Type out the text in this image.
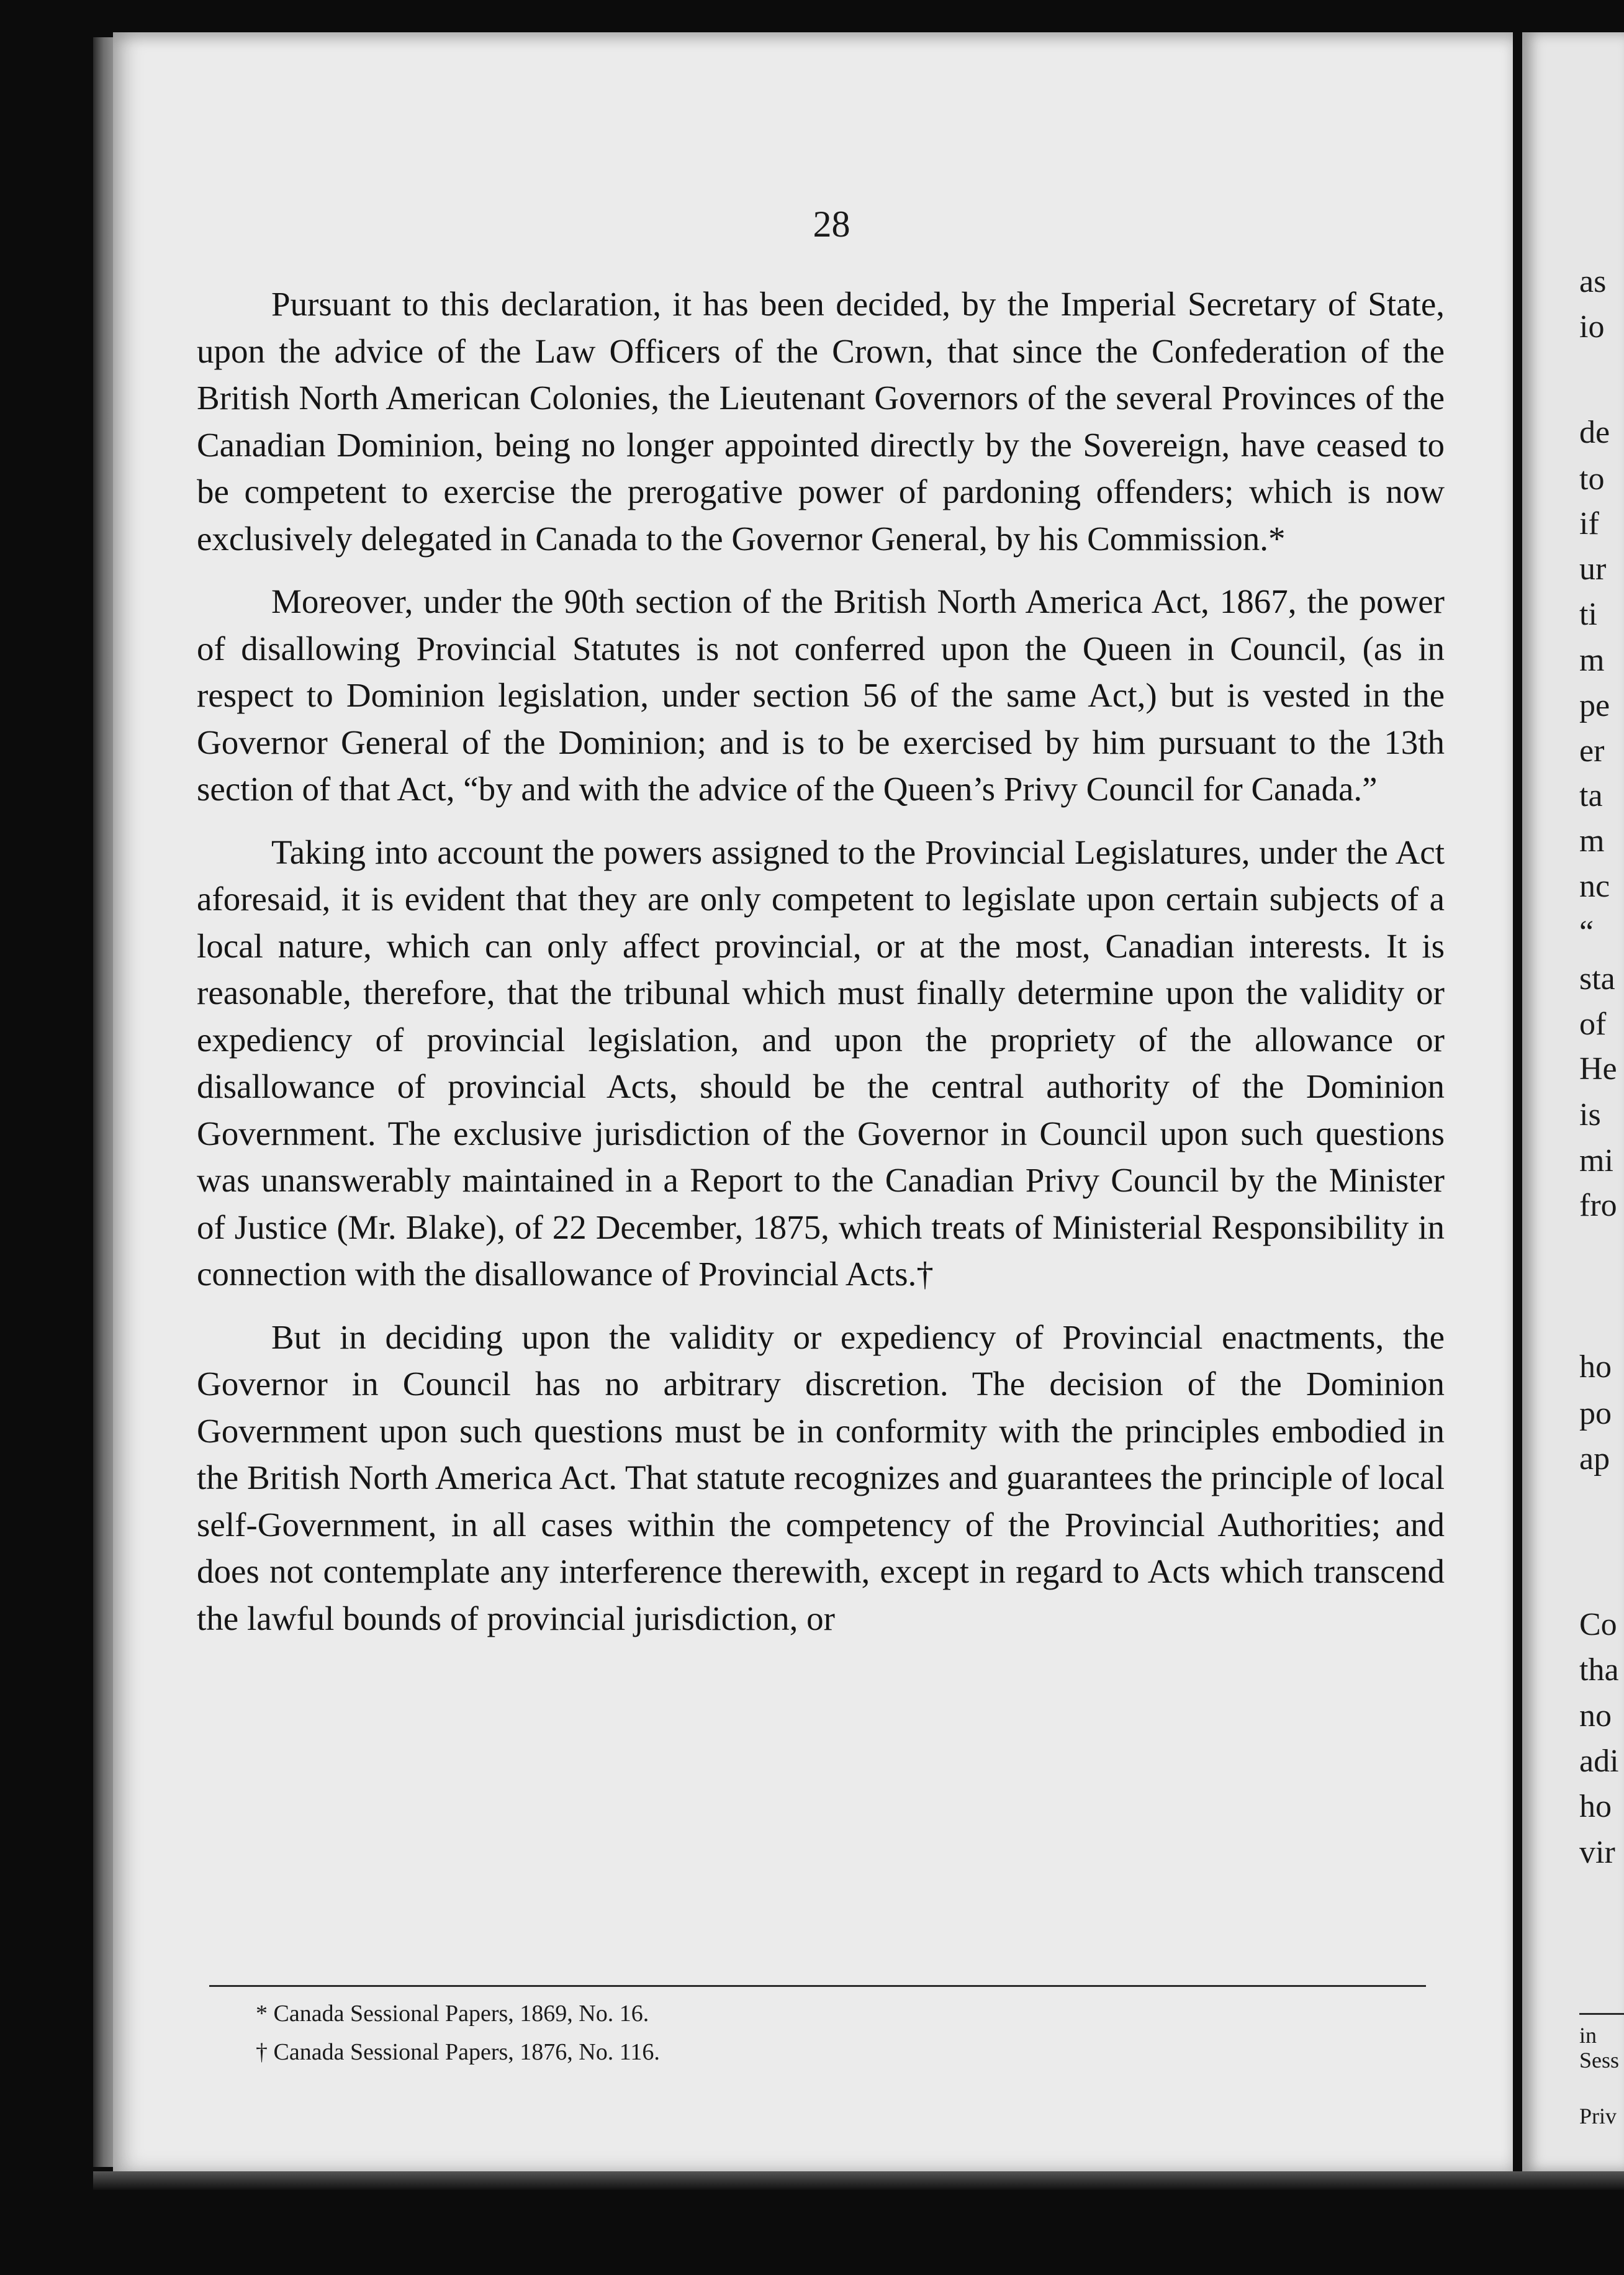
28

Pursuant to this declaration, it has been decided, by the Imperial Secretary of State, upon the advice of the Law Officers of the Crown, that since the Confederation of the British North American Colonies, the Lieutenant Governors of the several Provinces of the Canadian Dominion, being no longer appointed directly by the Sovereign, have ceased to be competent to exercise the prerogative power of pardoning offenders; which is now exclusively delegated in Canada to the Governor General, by his Commission.*

Moreover, under the 90th section of the British North America Act, 1867, the power of disallowing Provincial Statutes is not conferred upon the Queen in Council, (as in respect to Dominion legislation, under section 56 of the same Act,) but is vested in the Governor General of the Dominion; and is to be exercised by him pursuant to the 13th section of that Act, “by and with the advice of the Queen’s Privy Council for Canada.”

Taking into account the powers assigned to the Provincial Legislatures, under the Act aforesaid, it is evident that they are only competent to legislate upon certain subjects of a local nature, which can only affect provincial, or at the most, Canadian interests. It is reasonable, therefore, that the tribunal which must finally determine upon the validity or expediency of provincial legislation, and upon the propriety of the allowance or disallowance of provincial Acts, should be the central authority of the Dominion Government. The exclusive jurisdiction of the Governor in Council upon such questions was unanswerably maintained in a Report to the Canadian Privy Council by the Minister of Justice (Mr. Blake), of 22 December, 1875, which treats of Ministerial Responsibility in connection with the disallowance of Provincial Acts.†

But in deciding upon the validity or expediency of Provincial enactments, the Governor in Council has no arbitrary discretion. The decision of the Dominion Government upon such questions must be in conformity with the principles embodied in the British North America Act. That statute recognizes and guarantees the principle of local self-Government, in all cases within the competency of the Provincial Authorities; and does not contemplate any interference therewith, except in regard to Acts which transcend the lawful bounds of provincial jurisdiction, or

* Canada Sessional Papers, 1869, No. 16.
† Canada Sessional Papers, 1876, No. 116.
as
io
de
to
if
ur
ti
m
pe
er
ta
m
nc
“
sta
of
He
is
mi
fro
ho
po
ap
Co
tha
no
adi
ho
vir
in
Sess
Priv
